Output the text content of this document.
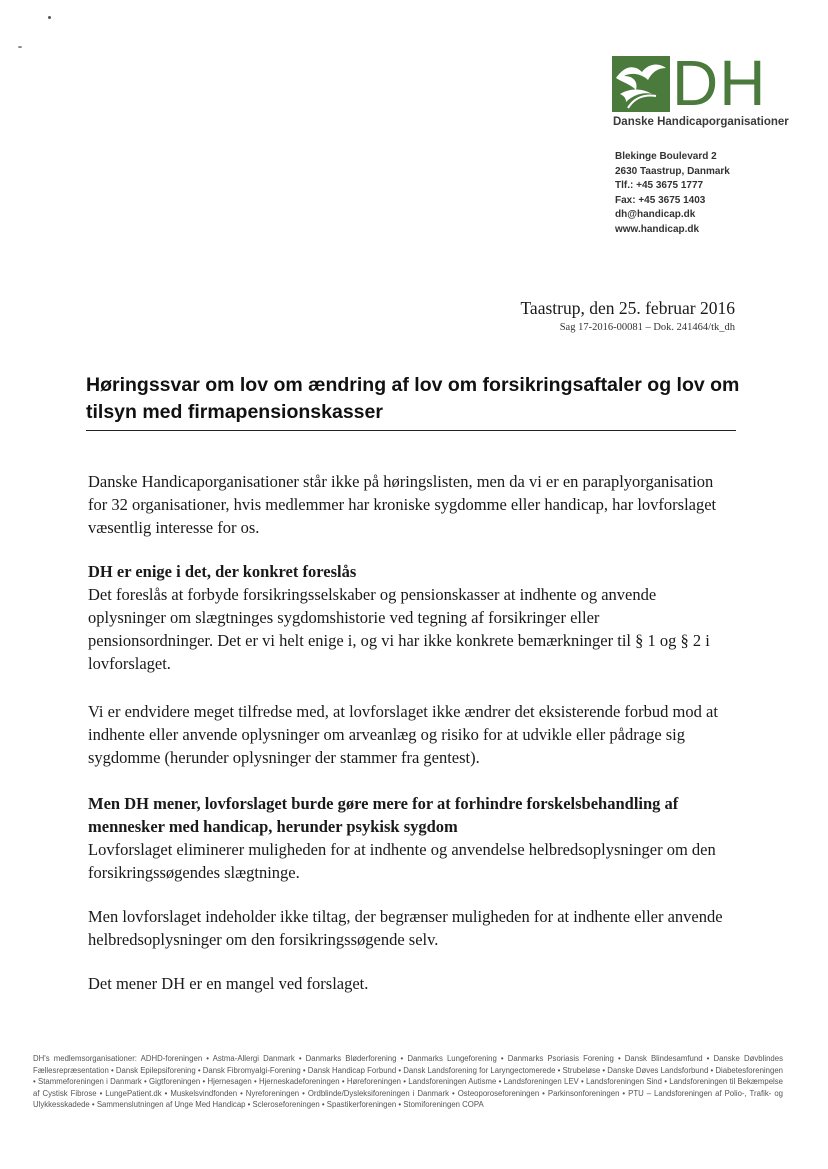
DH
Danske Handicaporganisationer
Blekinge Boulevard 2
2630 Taastrup, Danmark
Tlf.: +45 3675 1777
Fax: +45 3675 1403
dh@handicap.dk
www.handicap.dk
Taastrup, den 25. februar 2016
Sag 17-2016-00081 – Dok. 241464/tk_dh
Høringssvar om lov om ændring af lov om forsikringsaftaler og lov om tilsyn med firmapensionskasser

Danske Handicaporganisationer står ikke på høringslisten, men da vi er en paraplyorganisation for 32 organisationer, hvis medlemmer har kroniske sygdomme eller handicap, har lovforslaget væsentlig interesse for os.

DH er enige i det, der konkret foreslås

Det foreslås at forbyde forsikringsselskaber og pensionskasser at indhente og anvende oplysninger om slægtninges sygdomshistorie ved tegning af forsikringer eller pensionsordninger. Det er vi helt enige i, og vi har ikke konkrete bemærkninger til § 1 og § 2 i lovforslaget.

Vi er endvidere meget tilfredse med, at lovforslaget ikke ændrer det eksisterende forbud mod at indhente eller anvende oplysninger om arveanlæg og risiko for at udvikle eller pådrage sig sygdomme (herunder oplysninger der stammer fra gentest).

Men DH mener, lovforslaget burde gøre mere for at forhindre forskelsbehandling af mennesker med handicap, herunder psykisk sygdom

Lovforslaget eliminerer muligheden for at indhente og anvendelse helbredsoplysninger om den forsikringssøgendes slægtninge.

Men lovforslaget indeholder ikke tiltag, der begrænser muligheden for at indhente eller anvende helbredsoplysninger om den forsikringssøgende selv.

Det mener DH er en mangel ved forslaget.

DH's medlemsorganisationer: ADHD-foreningen • Astma-Allergi Danmark • Danmarks Bløderforening • Danmarks Lungeforening • Danmarks Psoriasis Forening • Dansk Blindesamfund • Danske Døvblindes Fællesrepræsentation • Dansk Epilepsiforening • Dansk Fibromyalgi-Forening • Dansk Handicap Forbund • Dansk Landsforening for Laryngectomerede • Strubeløse • Danske Døves Landsforbund • Diabetesforeningen • Stammeforeningen i Danmark • Gigtforeningen • Hjernesagen • Hjerneskadeforeningen • Høreforeningen • Landsforeningen Autisme • Landsforeningen LEV • Landsforeningen Sind • Landsforeningen til Bekæmpelse af Cystisk Fibrose • LungePatient.dk • Muskelsvindfonden • Nyreforeningen • Ordblinde/Dysleksiforeningen i Danmark • Osteoporoseforeningen • Parkinsonforeningen • PTU – Landsforeningen af Polio-, Trafik- og Ulykkesskadede • Sammenslutningen af Unge Med Handicap • Scleroseforeningen • Spastikerforeningen • Stomiforeningen COPA
